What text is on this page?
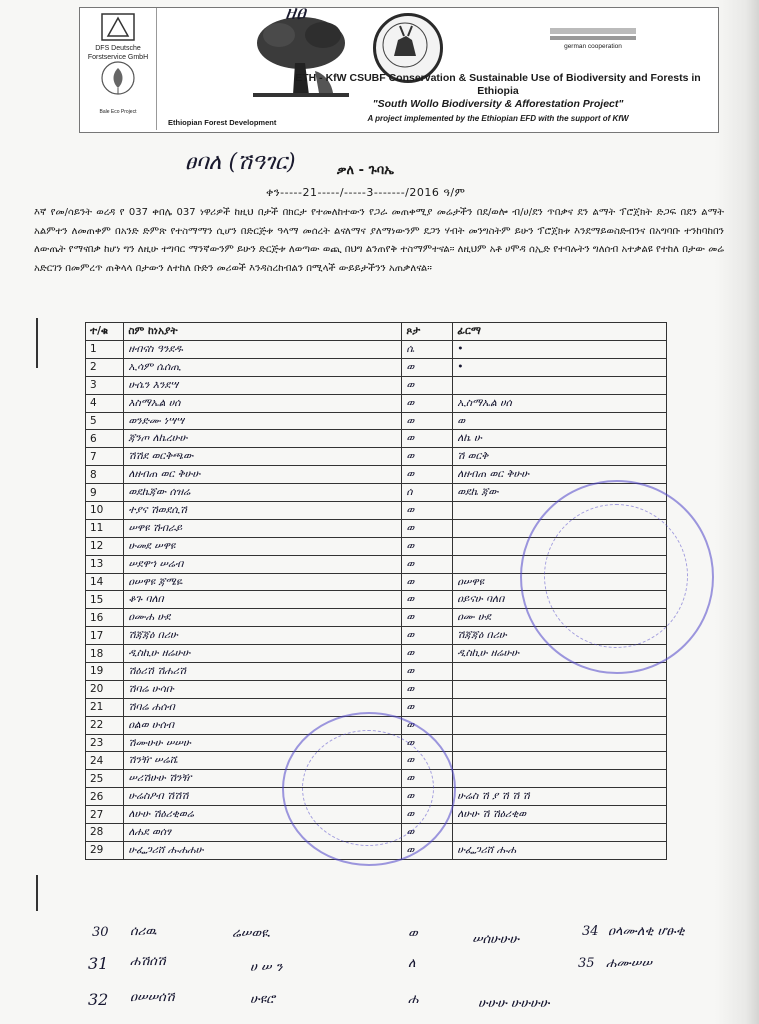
DFS Deutsche Forstservice GmbH
Bale Eco Project
Ethiopian Forest Development
german cooperation
ETH - KfW CSUBF Conservation & Sustainable Use of Biodiversity and Forests in Ethiopia
"South Wollo Biodiversity & Afforestation Project"
A project implemented by the Ethiopian EFD with the support of KfW
ዘፀ
ፀባለ (ሽዓገር)	ቃለ - ጉባኤ
ቀን-----21-----/-----3-------/2016 ዓ/ም
እኛ የመ/ሳይንት ወረዳ የ 037 ቀበሌ 037 ነዋሪዎች ከዚህ በታች በክርታ የተመለከተውን የጋራ መጠቀሚያ መሬታችን በደ/ወሎ ብ/ሀ/ደን ጥበቃና ደን ልማት ፕሮጀክት ድጋፍ በደን ልማት አልምተን ለመጠቀም በአንድ ድምጽ የተስማማን ሲሆን በድርጅቱ ዓላማ መሰረት ልናለማና ያለማነውንም ደጋን ሃብት መንግስትም ይሁን ፕሮጀክቱ እንደማይወስድብንና በአግባቡ ተንከባከበን ለውጤት የማናበቃ ከሆነ ግን ለዚሁ ተግባር ማንኛውንም ይሁን ድርጅቱ ለወጣው ወጪ በህግ ልንጠየቅ ተስማምተናል። ለዚህም አቶ ሀሞዳ ሰኢድ የተባሉትን ግለሰብ አተቃልዩ የተከለ በታው መሬ አድርገን በመምረጥ ጠቅላላ በታውን ለተከለ ቡድን መሪወች እንዳስረከብልን በሚላች ውይይታችንን አጠቃለናል።
ተ/ቁ	ስም ከነአያት	ጾታ	ፊርማ
1	ዘብናስ ዓንደዱ	ሴ	•
2	ኢሳም ሴሰጢ	ወ	•
3	ሁሴን እንደሣ	ወ	
4	እስማኤል ሀሰ	ወ	ኢስማኤል ሀሰ
5	ወንድሙ ነሣሣ	ወ	ወ
6	ጃንጦ ለኬረሁሁ	ወ	ለኬ ሁ
7	ሽሽደ ወርቅጫው	ወ	ሽ ወርቅ
8	ለዘብጠ ወር ቅሁሁ	ወ	ለዘብጠ ወር ቅሁሁ
9	ወደኬጃው ሰዝሬ	ሰ	ወደኬ ጃው
10	ተያና ሽወደሲሽ	ወ	
11	ሠዋዩ ሽብራይ	ወ	
12	ሁመደ ሠዋዩ	ወ	
13	ሠደዋኀ ሠሬብ	ወ	
14	ዐሠዋዩ ጃሜዬ	ወ	ዐሠዋዩ
15	ቆጉ ባለበ	ወ	ዐይናሁ ባለበ
16	ዐሙሐ ሁደ	ወ	ዐሙ ሁደ
17	ሽጃጃዕ በሪሁ	ወ	ሽጃጃዕ በሪሁ
18	ዲስኪሁ ዘሬሁሁ	ወ	ዲስኪሁ ዘሬሁሁ
19	ሽዕሪሽ ሽሐሪሽ	ወ	
20	ሽባሬ ሁሳቡ	ወ	
21	ሽባሬ ሐሰብ	ወ	
22	ዐልወ ሁሰብ	ወ	
23	ሽሙሁሁ ሠሠሁ	ወ	
24	ሽንዥ ሠሬሼ	ወ	
25	ሠሪሽሁሁ ሽንዥ	ወ	
26	ሁሬስዖብ ሽሽሽ	ወ	ሁሬስ ሽ ያ ሽ ሽ ሽ
27	ለሁሁ ሽዕሪቂወሬ	ወ	ለሁሁ ሽ ሽዕሪቂወ
28	ለሐደ ወሰፃ	ወ	
29	ሁፌጋሪሸ ሑሐሐሁ	ወ	ሁፌጋሪሸ ሑሐ
30 ሰሪዉ	ሬሠወዪ	ወ	ሠሰሁሁሁ
31 ሐሽሰሽ	ሀ ሠ ን	ለ
32 ዐሠሠሰሽ	ሁዩሮ	ሐ	ሁሁሁ ሁሁሁሁ
34 ዐላሙለቂ ሆፁቂ
35 ሐሙሠሠ
